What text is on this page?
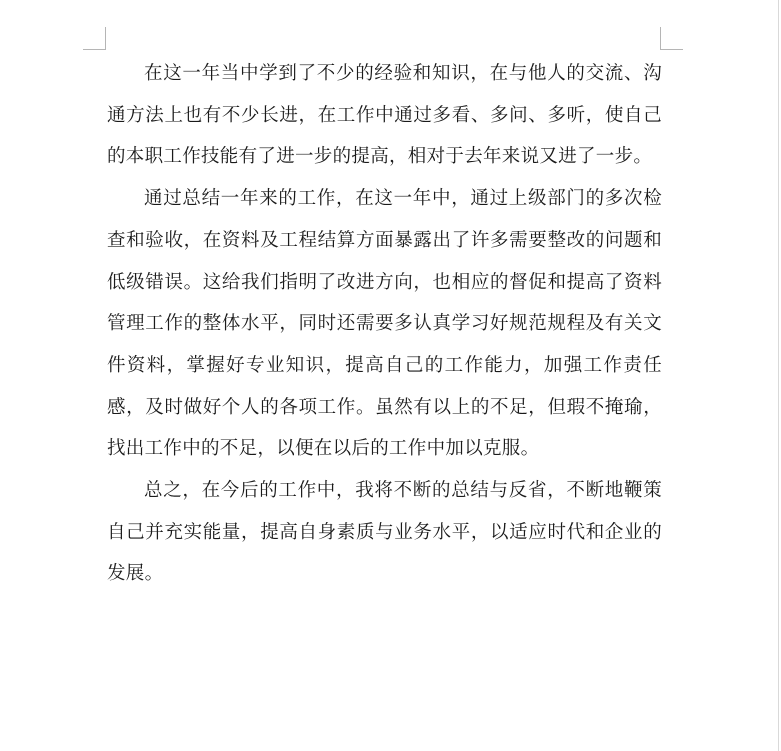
在这一年当中学到了不少的经验和知识，在与他人的交流、沟通方法上也有不少长进，在工作中通过多看、多问、多听，使自己的本职工作技能有了进一步的提高，相对于去年来说又进了一步。

通过总结一年来的工作，在这一年中，通过上级部门的多次检查和验收，在资料及工程结算方面暴露出了许多需要整改的问题和低级错误。这给我们指明了改进方向，也相应的督促和提高了资料管理工作的整体水平，同时还需要多认真学习好规范规程及有关文件资料，掌握好专业知识，提高自己的工作能力，加强工作责任感，及时做好个人的各项工作。虽然有以上的不足，但瑕不掩瑜，找出工作中的不足，以便在以后的工作中加以克服。

总之，在今后的工作中，我将不断的总结与反省，不断地鞭策自己并充实能量，提高自身素质与业务水平，以适应时代和企业的发展。
